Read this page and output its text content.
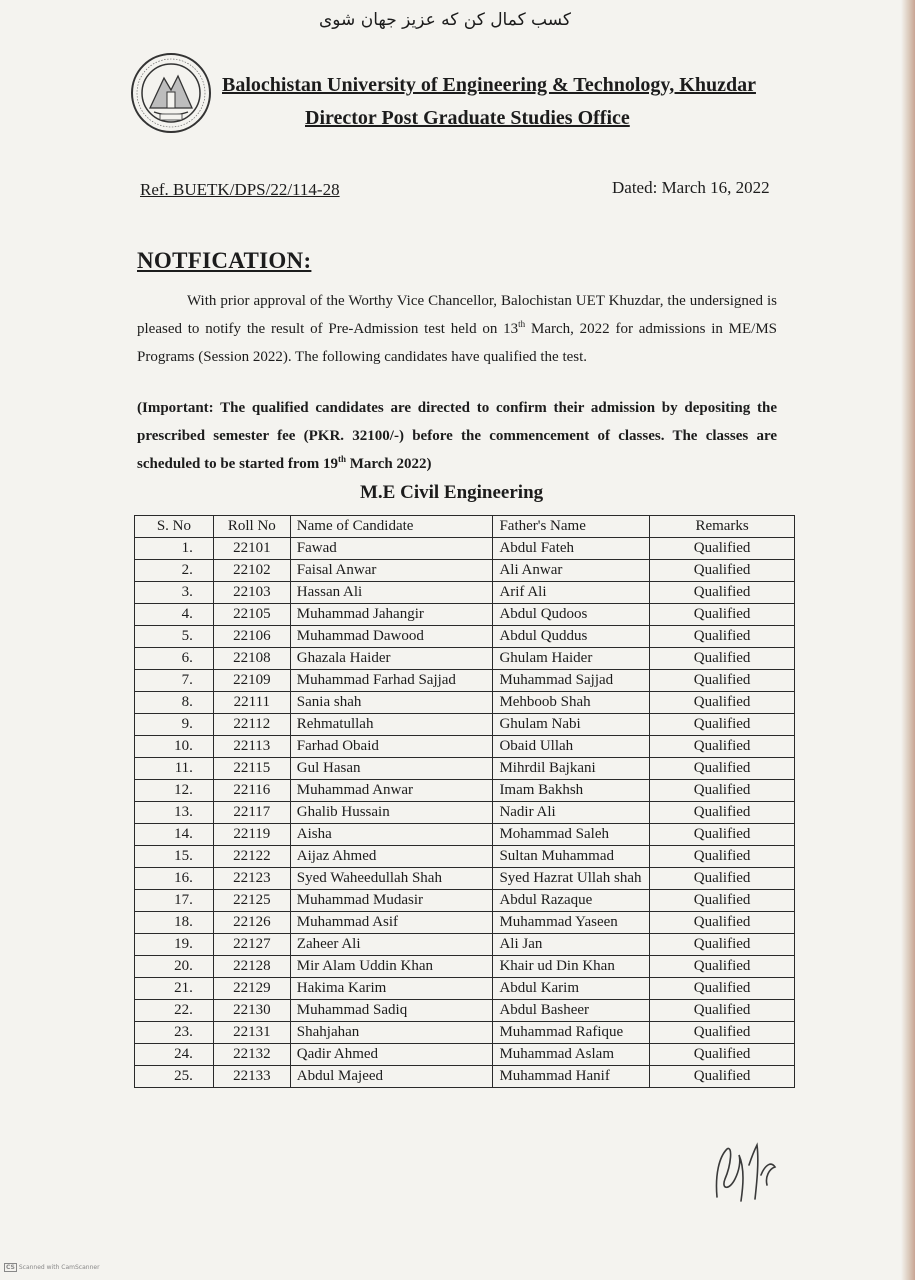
کسب کمال کن که عزیز جهان شوی
Balochistan University of Engineering & Technology, Khuzdar
Director Post Graduate Studies Office
Ref. BUETK/DPS/22/114-28	Dated: March 16, 2022
NOTFICATION:
With prior approval of the Worthy Vice Chancellor, Balochistan UET Khuzdar, the undersigned is pleased to notify the result of Pre-Admission test held on 13th March, 2022 for admissions in ME/MS Programs (Session 2022). The following candidates have qualified the test.
(Important: The qualified candidates are directed to confirm their admission by depositing the prescribed semester fee (PKR. 32100/-) before the commencement of classes. The classes are scheduled to be started from 19th March 2022)
M.E Civil Engineering
S. No	Roll No	Name of Candidate	Father's Name	Remarks
1.	22101	Fawad	Abdul Fateh	Qualified
2.	22102	Faisal Anwar	Ali Anwar	Qualified
3.	22103	Hassan Ali	Arif Ali	Qualified
4.	22105	Muhammad Jahangir	Abdul Qudoos	Qualified
5.	22106	Muhammad Dawood	Abdul Quddus	Qualified
6.	22108	Ghazala Haider	Ghulam Haider	Qualified
7.	22109	Muhammad Farhad Sajjad	Muhammad Sajjad	Qualified
8.	22111	Sania shah	Mehboob Shah	Qualified
9.	22112	Rehmatullah	Ghulam Nabi	Qualified
10.	22113	Farhad Obaid	Obaid Ullah	Qualified
11.	22115	Gul Hasan	Mihrdil Bajkani	Qualified
12.	22116	Muhammad Anwar	Imam Bakhsh	Qualified
13.	22117	Ghalib Hussain	Nadir Ali	Qualified
14.	22119	Aisha	Mohammad Saleh	Qualified
15.	22122	Aijaz Ahmed	Sultan Muhammad	Qualified
16.	22123	Syed Waheedullah Shah	Syed Hazrat Ullah shah	Qualified
17.	22125	Muhammad Mudasir	Abdul Razaque	Qualified
18.	22126	Muhammad Asif	Muhammad Yaseen	Qualified
19.	22127	Zaheer Ali	Ali Jan	Qualified
20.	22128	Mir Alam Uddin Khan	Khair ud Din Khan	Qualified
21.	22129	Hakima Karim	Abdul Karim	Qualified
22.	22130	Muhammad Sadiq	Abdul Basheer	Qualified
23.	22131	Shahjahan	Muhammad Rafique	Qualified
24.	22132	Qadir Ahmed	Muhammad Aslam	Qualified
25.	22133	Abdul Majeed	Muhammad Hanif	Qualified
CS Scanned with CamScanner
